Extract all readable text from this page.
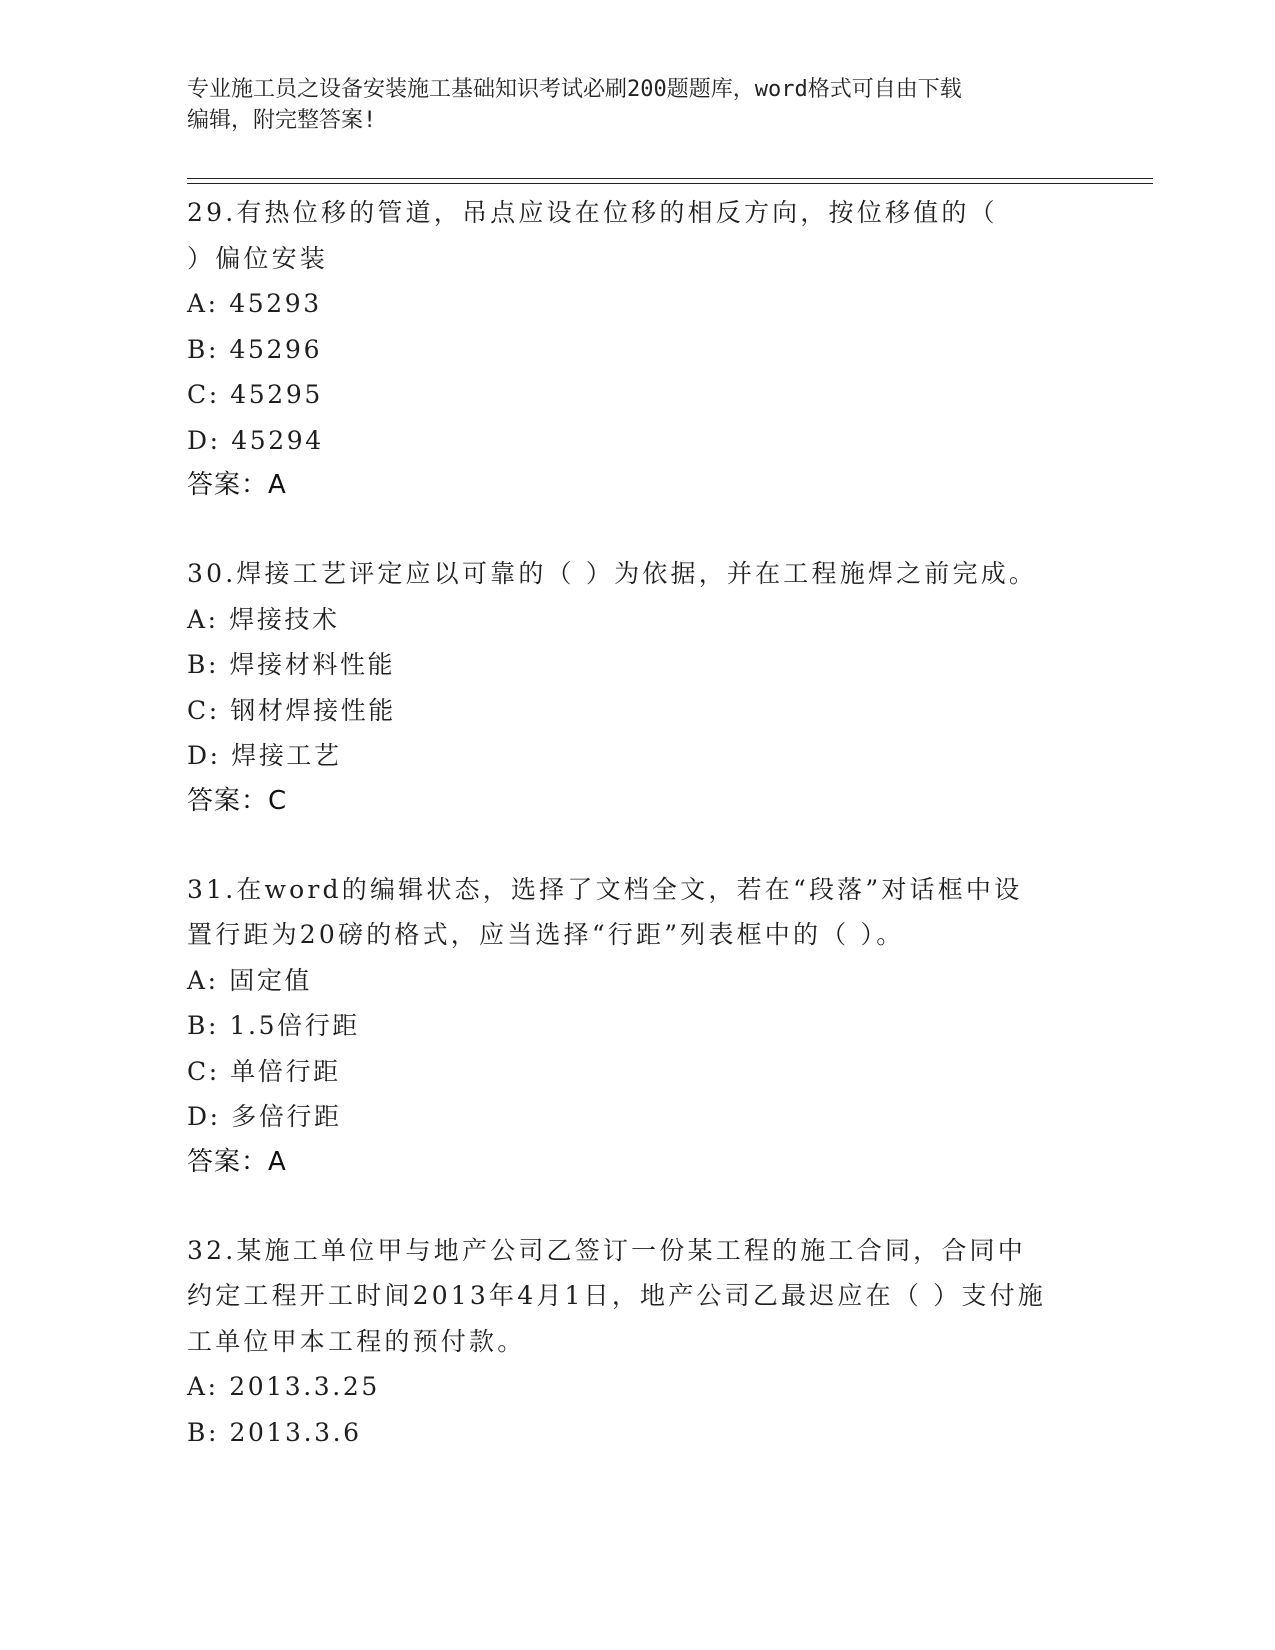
专业施工员之设备安装施工基础知识考试必刷200题题库，word格式可自由下载
编辑，附完整答案!
29.有热位移的管道，吊点应设在位移的相反方向，按位移值的（ ）偏位安装
A: 45293
B: 45296
C: 45295
D: 45294
答案：A
30.焊接工艺评定应以可靠的（ ）为依据，并在工程施焊之前完成。
A: 焊接技术
B: 焊接材料性能
C: 钢材焊接性能
D: 焊接工艺
答案：C
31.在word的编辑状态，选择了文档全文，若在“段落”对话框中设置行距为20磅的格式，应当选择“行距”列表框中的（ ）。
A: 固定值
B: 1.5倍行距
C: 单倍行距
D: 多倍行距
答案：A
32.某施工单位甲与地产公司乙签订一份某工程的施工合同，合同中约定工程开工时间2013年4月1日，地产公司乙最迟应在（ ）支付施工单位甲本工程的预付款。
A: 2013.3.25
B: 2013.3.6
